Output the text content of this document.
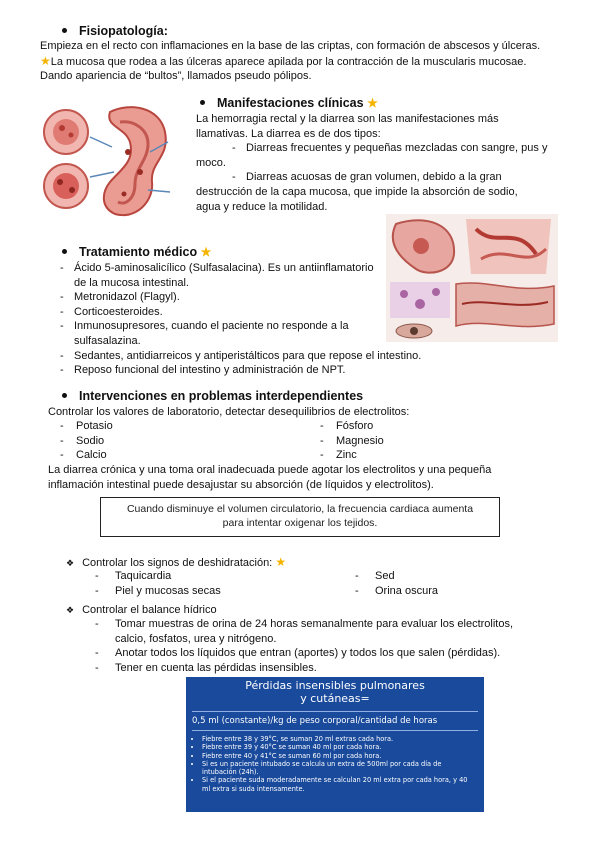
Fisiopatología:
Empieza en el recto con inflamaciones en la base de las criptas, con formación de abscesos y úlceras.
★La mucosa que rodea a las úlceras aparece apilada por la contracción de la muscularis mucosae.
Dando apariencia de “bultos”, llamados pseudo pólipos.
Manifestaciones clínicas ★
La hemorragia rectal y la diarrea son las manifestaciones más
llamativas. La diarrea es de dos tipos:
- Diarreas frecuentes y pequeñas mezcladas con sangre, pus y
moco.
- Diarreas acuosas de gran volumen, debido a la gran
destrucción de la capa mucosa, que impide la absorción de sodio,
agua y reduce la motilidad.
Tratamiento médico ★
- Ácido 5-aminosalicílico (Sulfasalacina). Es un antiinflamatorio
de la mucosa intestinal.
- Metronidazol (Flagyl).
- Corticoesteroides.
- Inmunosupresores, cuando el paciente no responde a la
sulfasalazina.
- Sedantes, antidiarreicos y antiperistálticos para que repose el intestino.
- Reposo funcional del intestino y administración de NPT.
Intervenciones en problemas interdependientes
Controlar los valores de laboratorio, detectar desequilibrios de electrolitos:
- Potasio
- Sodio
- Calcio
- Fósforo
- Magnesio
- Zinc
La diarrea crónica y una toma oral inadecuada puede agotar los electrolitos y una pequeña
inflamación intestinal puede desajustar su absorción (de líquidos y electrolitos).
Cuando disminuye el volumen circulatorio, la frecuencia cardiaca aumenta
para intentar oxigenar los tejidos.
❖ Controlar los signos de deshidratación: ★
- Taquicardia
- Piel y mucosas secas
- Sed
- Orina oscura
❖ Controlar el balance hídrico
- Tomar muestras de orina de 24 horas semanalmente para evaluar los electrolitos,
calcio, fosfatos, urea y nitrógeno.
- Anotar todos los líquidos que entran (aportes) y todos los que salen (pérdidas).
- Tener en cuenta las pérdidas insensibles.
Pérdidas insensibles pulmonares
y cutáneas=
0,5 ml (constante)/kg de peso corporal/cantidad de horas
• Fiebre entre 38 y 39°C, se suman 20 ml extras cada hora.
• Fiebre entre 39 y 40°C se suman 40 ml por cada hora.
• Fiebre entre 40 y 41°C se suman 60 ml por cada hora.
• Si es un paciente intubado se calcula un extra de 500ml por cada día de intubación (24h).
• Si el paciente suda moderadamente se calculan 20 ml extra por cada hora, y 40 ml extra si suda intensamente.
